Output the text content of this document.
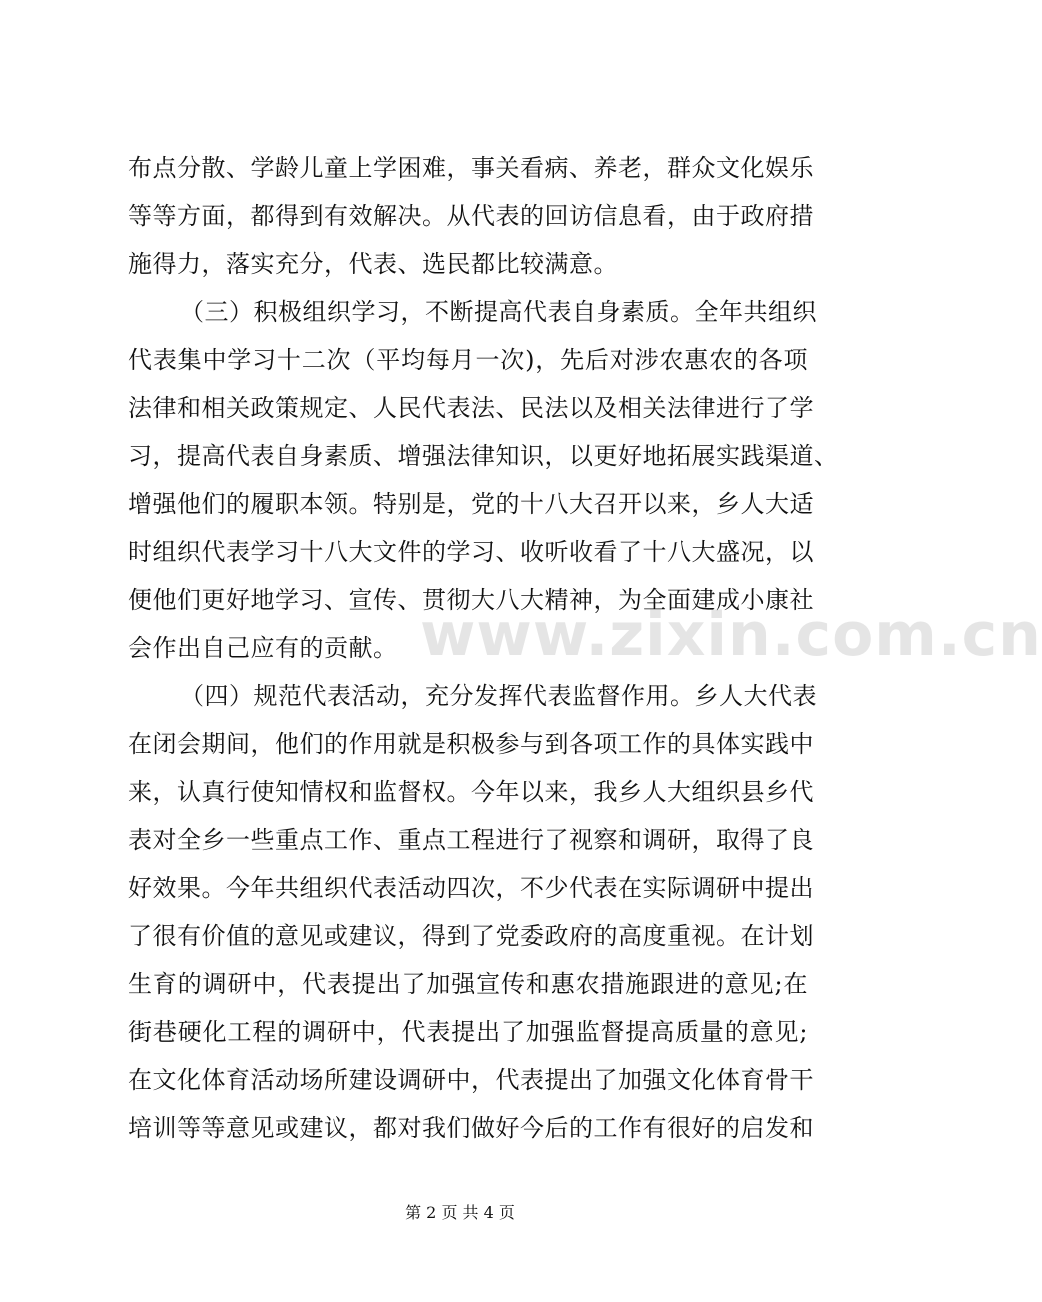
布点分散、学龄儿童上学困难，事关看病、养老，群众文化娱乐
等等方面，都得到有效解决。从代表的回访信息看，由于政府措
施得力，落实充分，代表、选民都比较满意。
（三）积极组织学习，不断提高代表自身素质。全年共组织
代表集中学习十二次（平均每月一次)，先后对涉农惠农的各项
法律和相关政策规定、人民代表法、民法以及相关法律进行了学
习，提高代表自身素质、增强法律知识，以更好地拓展实践渠道、
增强他们的履职本领。特别是，党的十八大召开以来，乡人大适
时组织代表学习十八大文件的学习、收听收看了十八大盛况，以
便他们更好地学习、宣传、贯彻大八大精神，为全面建成小康社
会作出自己应有的贡献。
（四）规范代表活动，充分发挥代表监督作用。乡人大代表
在闭会期间，他们的作用就是积极参与到各项工作的具体实践中
来，认真行使知情权和监督权。今年以来，我乡人大组织县乡代
表对全乡一些重点工作、重点工程进行了视察和调研，取得了良
好效果。今年共组织代表活动四次，不少代表在实际调研中提出
了很有价值的意见或建议，得到了党委政府的高度重视。在计划
生育的调研中，代表提出了加强宣传和惠农措施跟进的意见;在
街巷硬化工程的调研中，代表提出了加强监督提高质量的意见;
在文化体育活动场所建设调研中，代表提出了加强文化体育骨干
培训等等意见或建议，都对我们做好今后的工作有很好的启发和
www.zixin.com.cn
第 2 页 共 4 页
